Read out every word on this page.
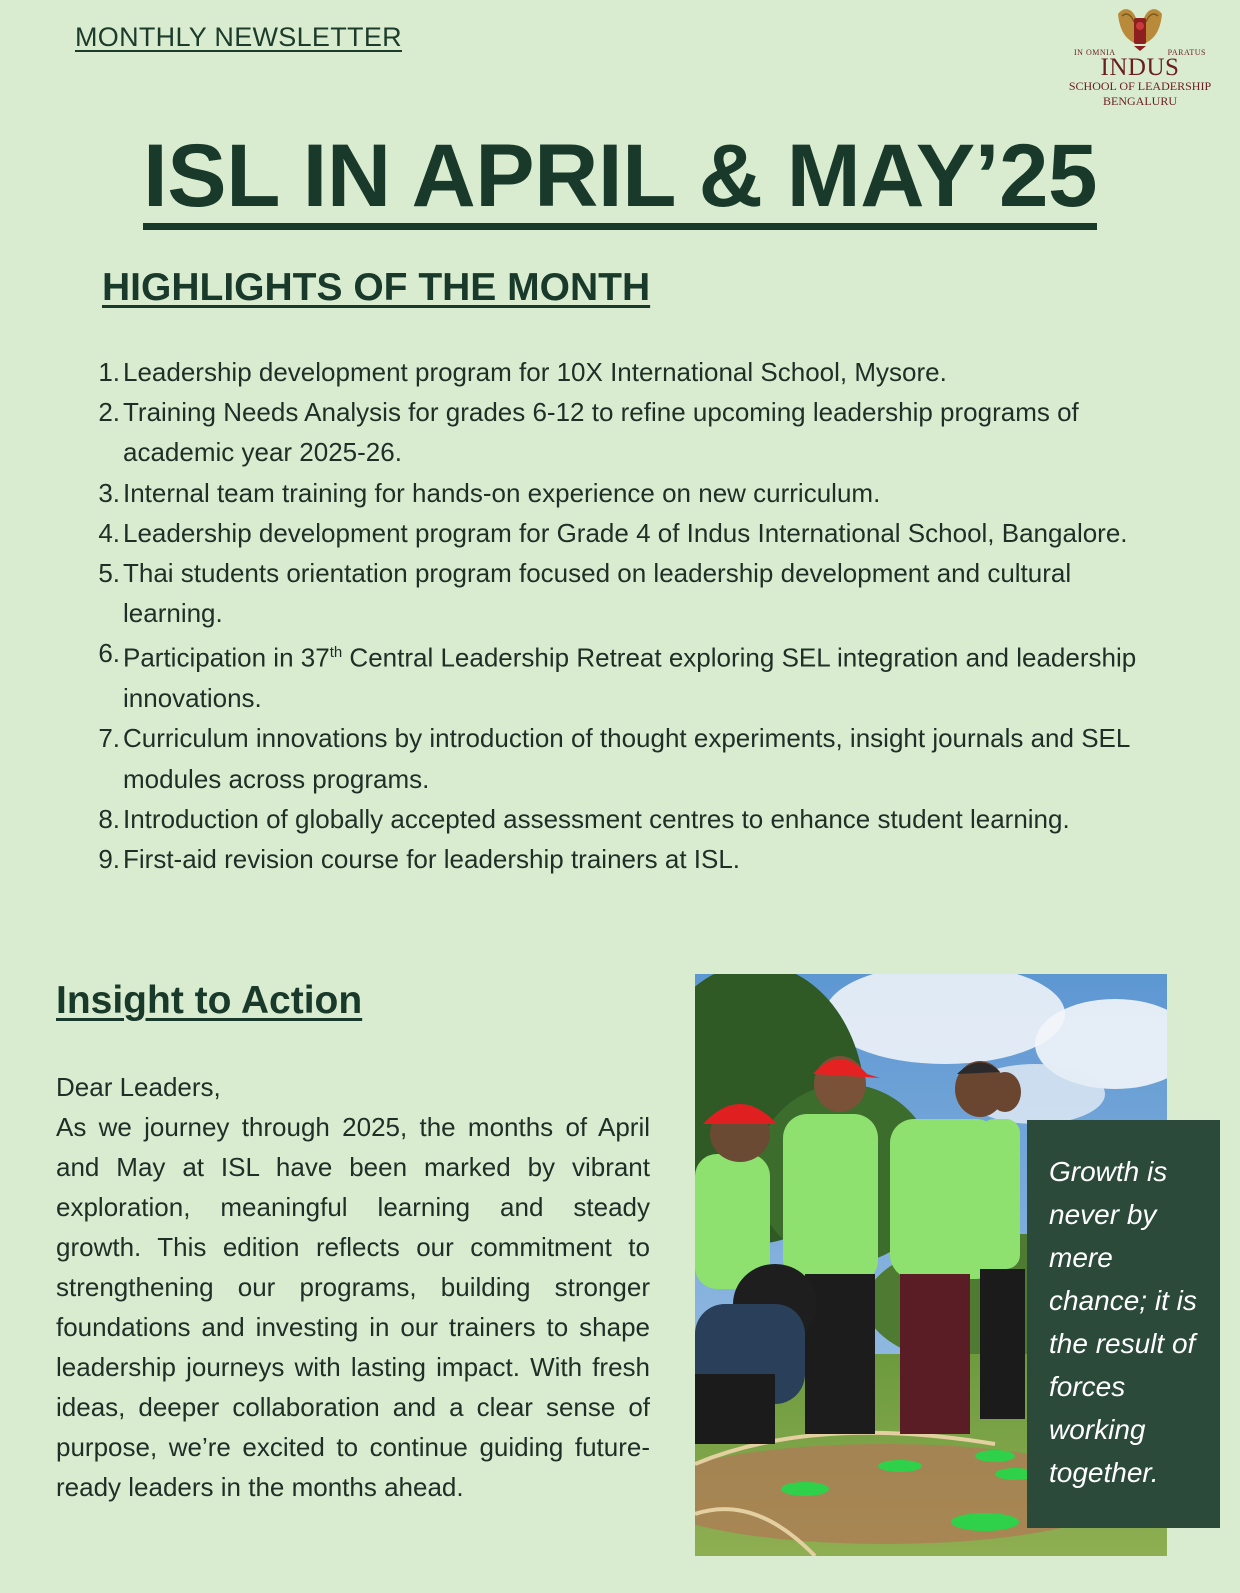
MONTHLY NEWSLETTER
IN OMNIA	PARATUS
INDUS
SCHOOL OF LEADERSHIP
BENGALURU
ISL IN APRIL & MAY’25
HIGHLIGHTS OF THE MONTH
1. Leadership development program for 10X International School, Mysore.
2. Training Needs Analysis for grades 6-12 to refine upcoming leadership programs of academic year 2025-26.
3. Internal team training for hands-on experience on new curriculum.
4. Leadership development program for Grade 4 of Indus International School, Bangalore.
5. Thai students orientation program focused on leadership development and cultural learning.
6. Participation in 37th Central Leadership Retreat exploring SEL integration and leadership innovations.
7. Curriculum innovations by introduction of thought experiments, insight journals and SEL modules across programs.
8. Introduction of globally accepted assessment centres to enhance student learning.
9. First-aid revision course for leadership trainers at ISL.
Insight to Action

Dear Leaders,

As we journey through 2025, the months of April and May at ISL have been marked by vibrant exploration, meaningful learning and steady growth. This edition reflects our commitment to strengthening our programs, building stronger foundations and investing in our trainers to shape leadership journeys with lasting impact. With fresh ideas, deeper collaboration and a clear sense of purpose, we’re excited to continue guiding future-ready leaders in the months ahead.

Growth is never by mere chance; it is the result of forces working together.
